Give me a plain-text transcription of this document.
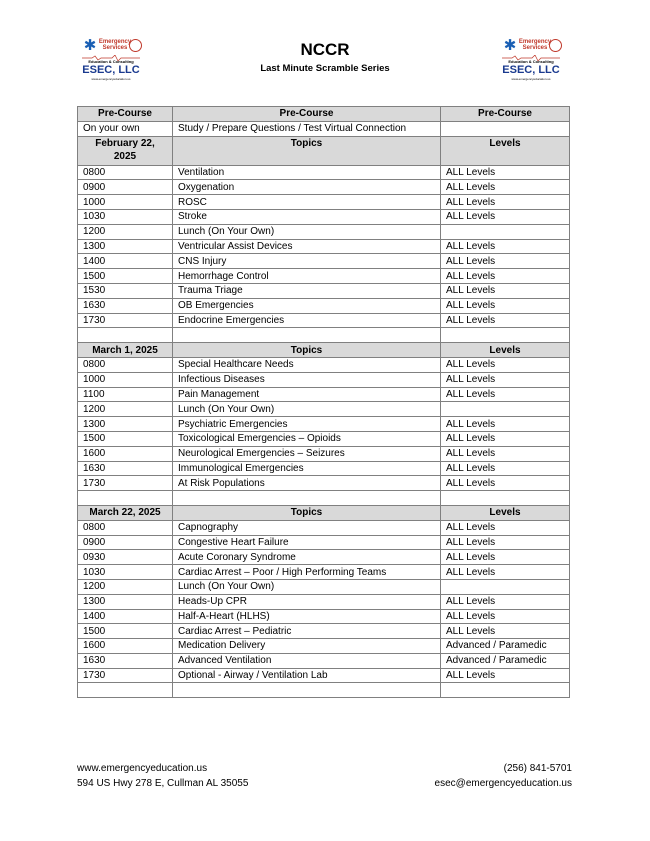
✱ Emergency
Services
Education & Consulting
ESEC, LLC
www.emergencyeducation.us
✱ Emergency
Services
Education & Consulting
ESEC, LLC
www.emergencyeducation.us
NCCR
Last Minute Scramble Series
Pre-Course	Pre-Course	Pre-Course
On your own	Study / Prepare Questions / Test Virtual Connection	
February 22, 2025	Topics	Levels
0800	Ventilation	ALL Levels
0900	Oxygenation	ALL Levels
1000	ROSC	ALL Levels
1030	Stroke	ALL Levels
1200	Lunch (On Your Own)	
1300	Ventricular Assist Devices	ALL Levels
1400	CNS Injury	ALL Levels
1500	Hemorrhage Control	ALL Levels
1530	Trauma Triage	ALL Levels
1630	OB Emergencies	ALL Levels
1730	Endocrine Emergencies	ALL Levels

March 1, 2025	Topics	Levels
0800	Special Healthcare Needs	ALL Levels
1000	Infectious Diseases	ALL Levels
1100	Pain Management	ALL Levels
1200	Lunch (On Your Own)	
1300	Psychiatric Emergencies	ALL Levels
1500	Toxicological Emergencies – Opioids	ALL Levels
1600	Neurological Emergencies – Seizures	ALL Levels
1630	Immunological Emergencies	ALL Levels
1730	At Risk Populations	ALL Levels

March 22, 2025	Topics	Levels
0800	Capnography	ALL Levels
0900	Congestive Heart Failure	ALL Levels
0930	Acute Coronary Syndrome	ALL Levels
1030	Cardiac Arrest – Poor / High Performing Teams	ALL Levels
1200	Lunch (On Your Own)	
1300	Heads-Up CPR	ALL Levels
1400	Half-A-Heart (HLHS)	ALL Levels
1500	Cardiac Arrest – Pediatric	ALL Levels
1600	Medication Delivery	Advanced / Paramedic
1630	Advanced Ventilation	Advanced / Paramedic
1730	Optional - Airway / Ventilation Lab	ALL Levels

www.emergencyeducation.us
594 US Hwy 278 E, Cullman AL 35055
(256) 841-5701
esec@emergencyeducation.us
